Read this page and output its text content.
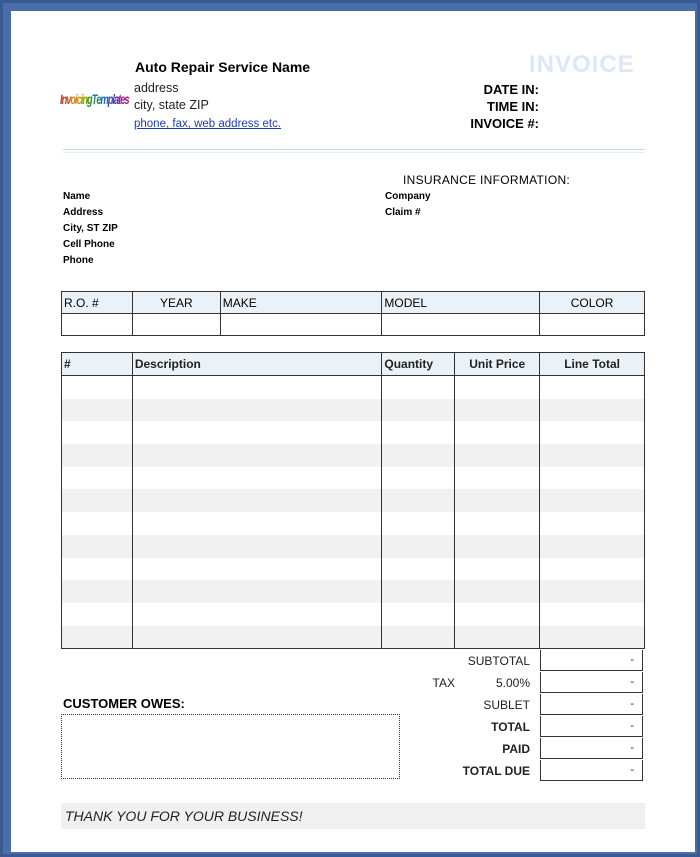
InvoicingTemplates
Auto Repair Service Name
address
city, state ZIP
phone, fax, web address etc.
INVOICE
DATE IN:
TIME IN:
INVOICE #:
Name
Address
City, ST ZIP
Cell Phone
Phone
INSURANCE INFORMATION:
Company
Claim #
R.O. #	YEAR	MAKE	MODEL	COLOR

#	Description	Quantity	Unit Price	Line Total

SUBTOTAL	-
TAX	5.00%	-
SUBLET	-
TOTAL	-
PAID	-
TOTAL DUE	-
CUSTOMER OWES:
THANK YOU FOR YOUR BUSINESS!
